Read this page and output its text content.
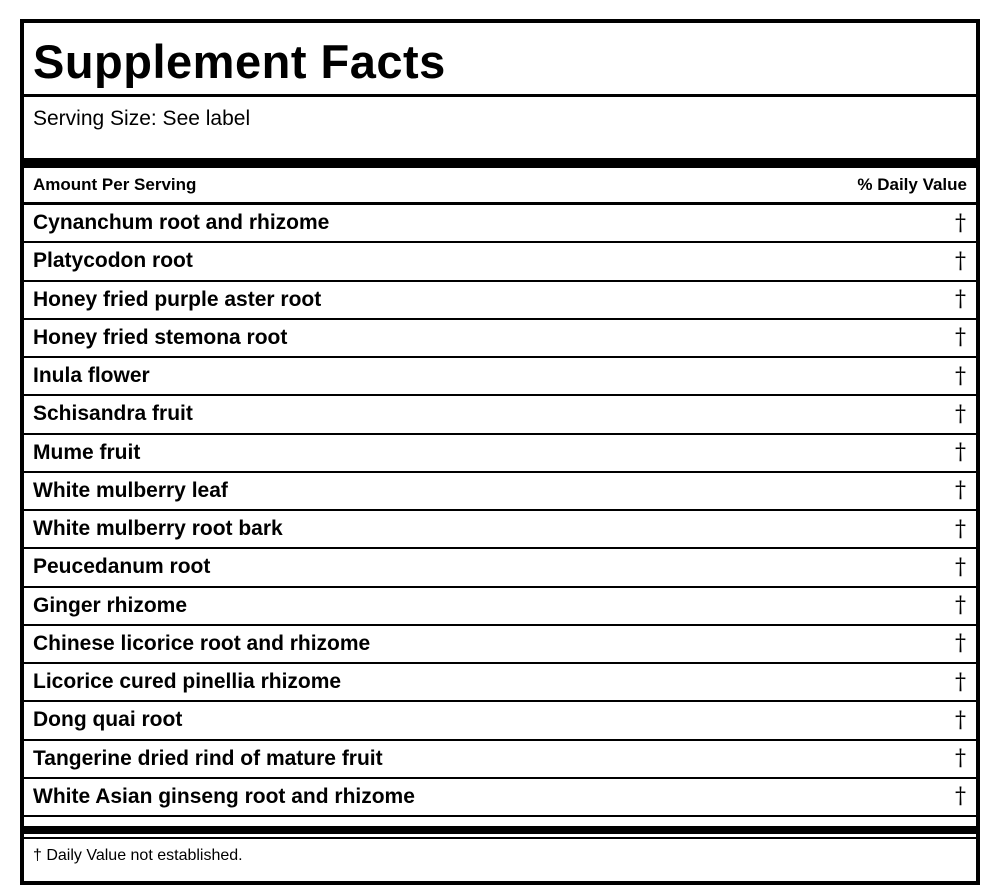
Supplement Facts
Serving Size: See label
Amount Per Serving	% Daily Value
Cynanchum root and rhizome	†
Platycodon root	†
Honey fried purple aster root	†
Honey fried stemona root	†
Inula flower	†
Schisandra fruit	†
Mume fruit	†
White mulberry leaf	†
White mulberry root bark	†
Peucedanum root	†
Ginger rhizome	†
Chinese licorice root and rhizome	†
Licorice cured pinellia rhizome	†
Dong quai root	†
Tangerine dried rind of mature fruit	†
White Asian ginseng root and rhizome	†
† Daily Value not established.
